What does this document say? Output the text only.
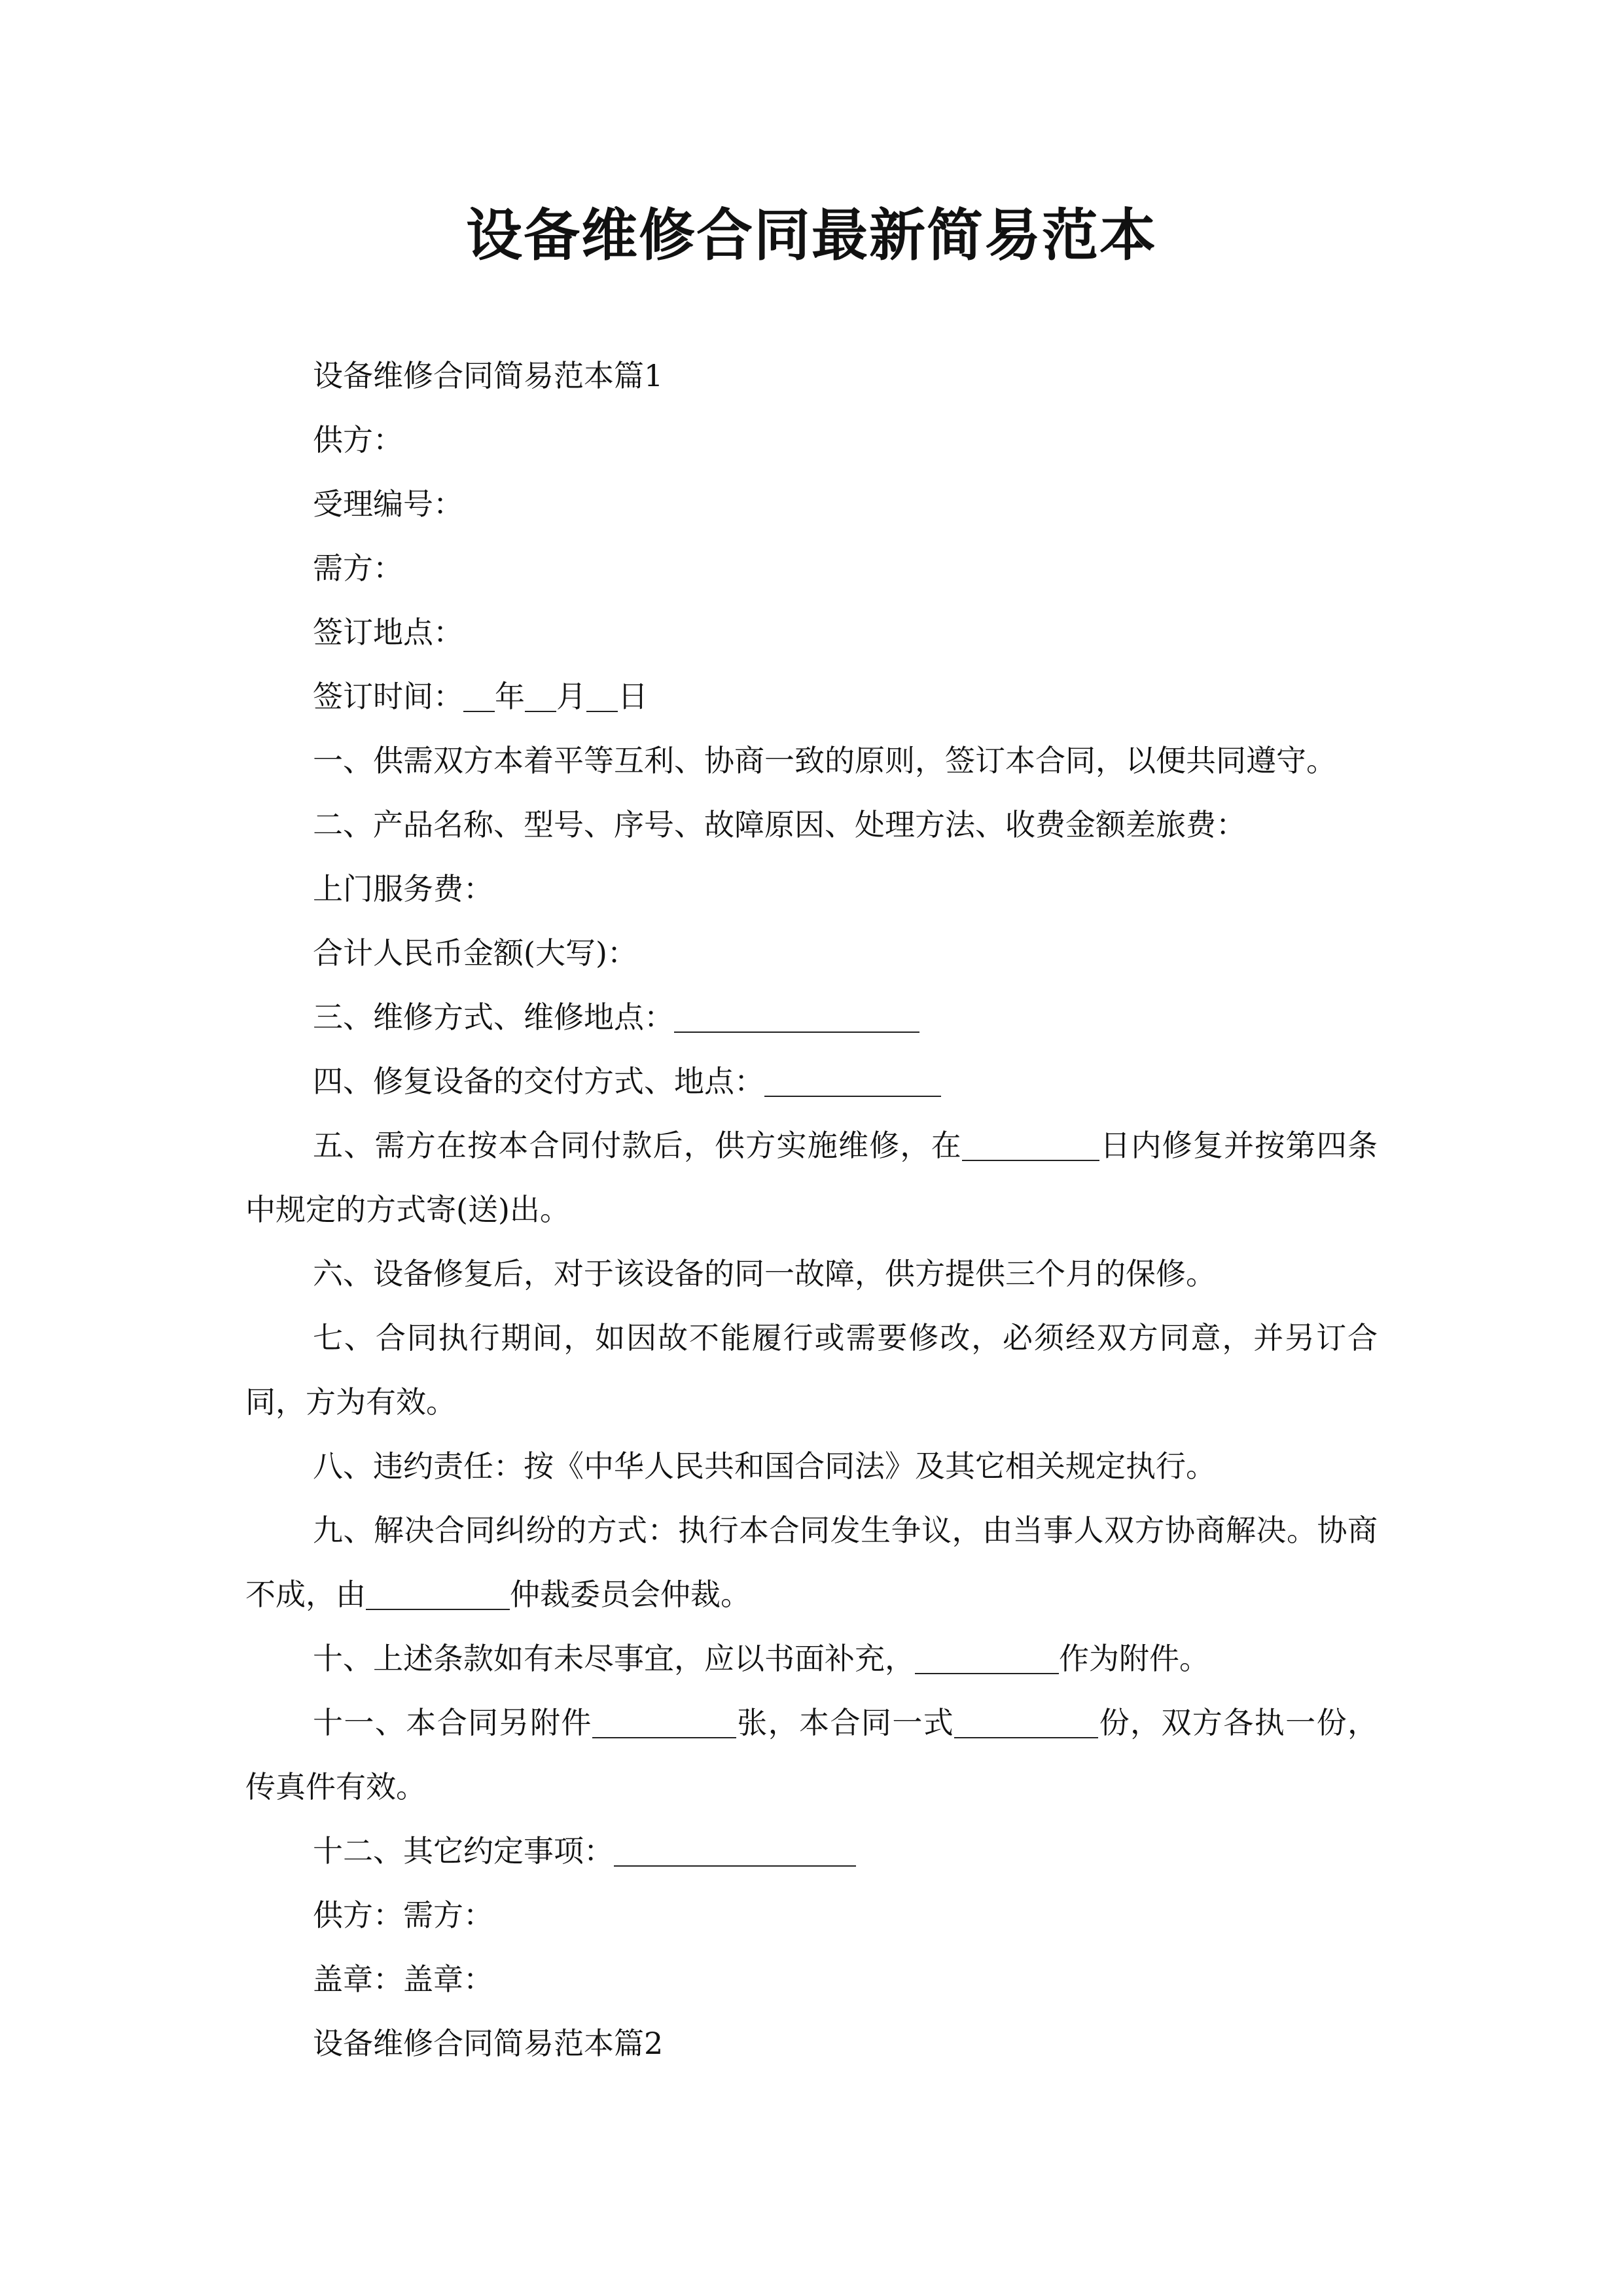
设备维修合同最新简易范本

设备维修合同简易范本篇1

供方：

受理编号：

需方：

签订地点：

签订时间： 年 月 日

一、供需双方本着平等互利、协商一致的原则，签订本合同，以便共同遵守。

二、产品名称、型号、序号、故障原因、处理方法、收费金额差旅费：

上门服务费：

合计人民币金额(大写)：

三、维修方式、维修地点：

四、修复设备的交付方式、地点：

五、需方在按本合同付款后，供方实施维修，在	日内修复并按第四条中规定的方式寄(送)出。

六、设备修复后，对于该设备的同一故障，供方提供三个月的保修。

七、合同执行期间，如因故不能履行或需要修改，必须经双方同意，并另订合同，方为有效。

八、违约责任：按《中华人民共和国合同法》及其它相关规定执行。

九、解决合同纠纷的方式：执行本合同发生争议，由当事人双方协商解决。协商不成，由	仲裁委员会仲裁。

十、上述条款如有未尽事宜，应以书面补充，	作为附件。

十一、本合同另附件	张，本合同一式	份，双方各执一份，传真件有效。

十二、其它约定事项：

供方：需方：

盖章：盖章：

设备维修合同简易范本篇2
